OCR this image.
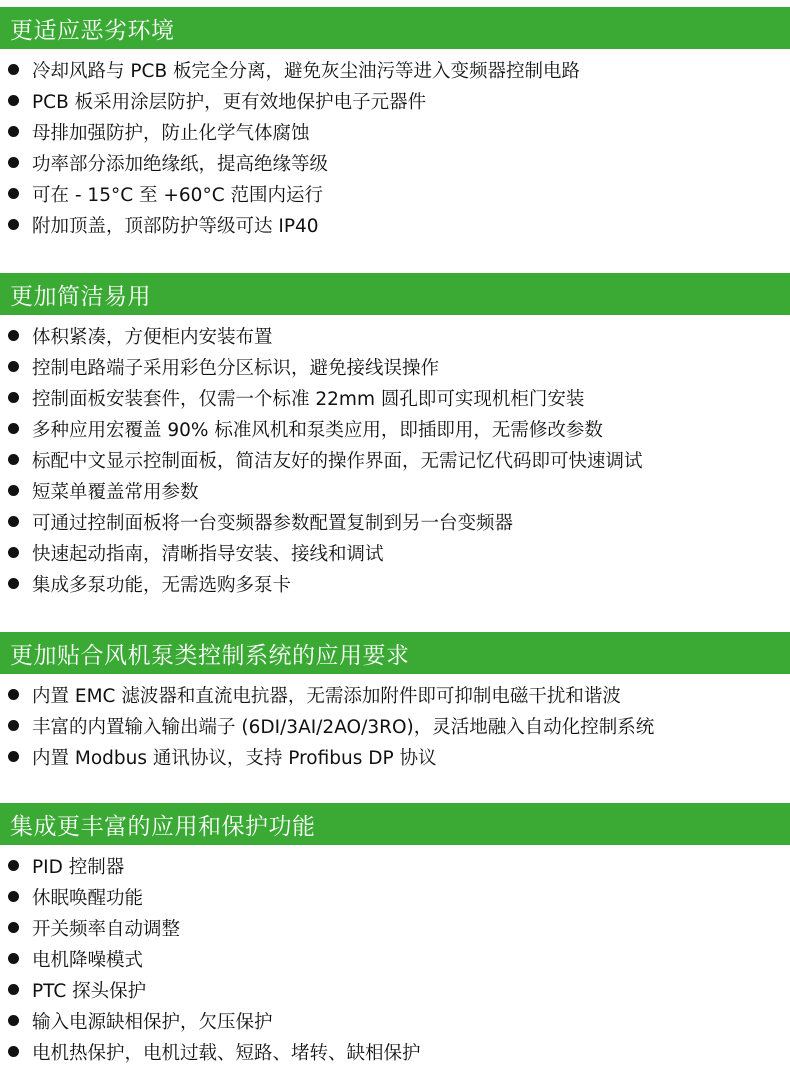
更适应恶劣环境
冷却风路与 PCB 板完全分离，避免灰尘油污等进入变频器控制电路
PCB 板采用涂层防护，更有效地保护电子元器件
母排加强防护，防止化学气体腐蚀
功率部分添加绝缘纸，提高绝缘等级
可在 - 15°C 至 +60°C 范围内运行
附加顶盖，顶部防护等级可达 IP40
更加简洁易用
体积紧凑，方便柜内安装布置
控制电路端子采用彩色分区标识，避免接线误操作
控制面板安装套件，仅需一个标准 22mm 圆孔即可实现机柜门安装
多种应用宏覆盖 90% 标准风机和泵类应用，即插即用，无需修改参数
标配中文显示控制面板，简洁友好的操作界面，无需记忆代码即可快速调试
短菜单覆盖常用参数
可通过控制面板将一台变频器参数配置复制到另一台变频器
快速起动指南，清晰指导安装、接线和调试
集成多泵功能，无需选购多泵卡
更加贴合风机泵类控制系统的应用要求
内置 EMC 滤波器和直流电抗器，无需添加附件即可抑制电磁干扰和谐波
丰富的内置输入输出端子 (6DI/3AI/2AO/3RO)，灵活地融入自动化控制系统
内置 Modbus 通讯协议，支持 Profibus DP 协议
集成更丰富的应用和保护功能
PID 控制器
休眠唤醒功能
开关频率自动调整
电机降噪模式
PTC 探头保护
输入电源缺相保护，欠压保护
电机热保护，电机过载、短路、堵转、缺相保护
